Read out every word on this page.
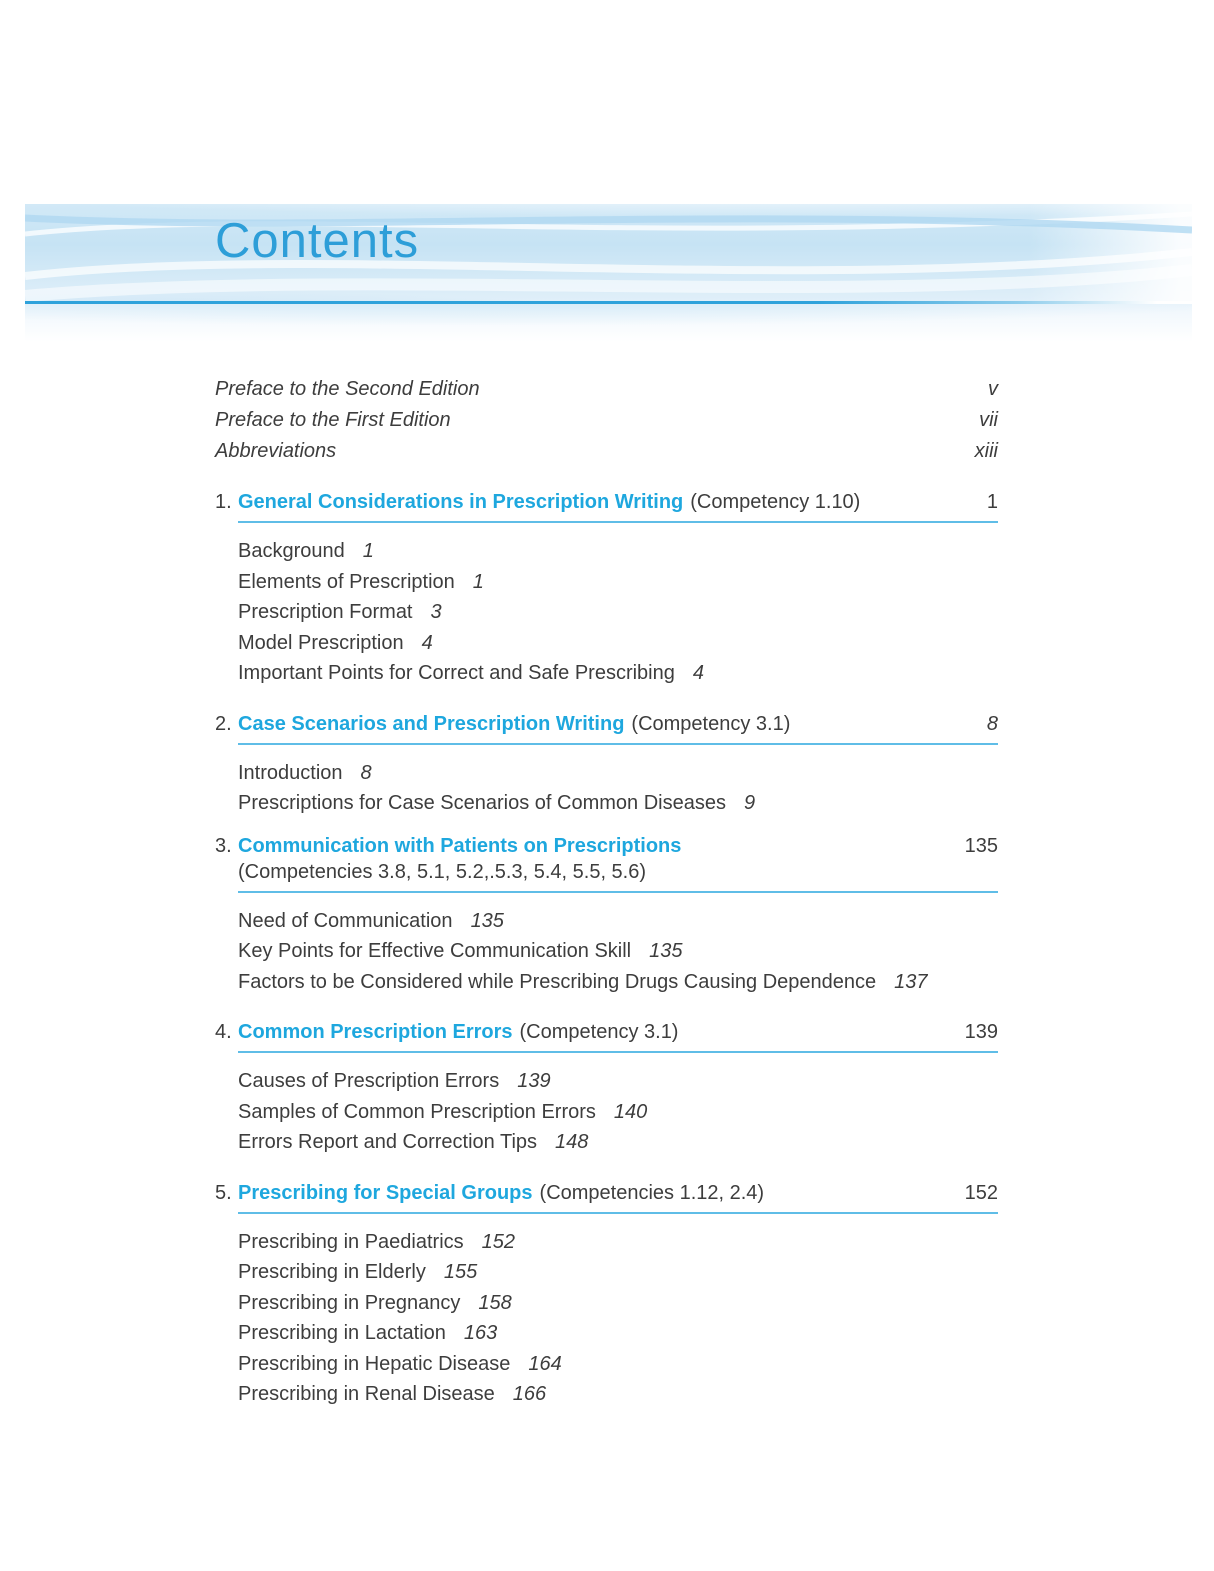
Contents
Preface to the Second Edition	v
Preface to the First Edition	vii
Abbreviations	xiii
1. General Considerations in Prescription Writing (Competency 1.10)	1
Background 1
Elements of Prescription 1
Prescription Format 3
Model Prescription 4
Important Points for Correct and Safe Prescribing 4
2. Case Scenarios and Prescription Writing (Competency 3.1)	8
Introduction 8
Prescriptions for Case Scenarios of Common Diseases 9
3. Communication with Patients on Prescriptions	135
(Competencies 3.8, 5.1, 5.2,.5.3, 5.4, 5.5, 5.6)
Need of Communication 135
Key Points for Effective Communication Skill 135
Factors to be Considered while Prescribing Drugs Causing Dependence 137
4. Common Prescription Errors (Competency 3.1)	139
Causes of Prescription Errors 139
Samples of Common Prescription Errors 140
Errors Report and Correction Tips 148
5. Prescribing for Special Groups (Competencies 1.12, 2.4)	152
Prescribing in Paediatrics 152
Prescribing in Elderly 155
Prescribing in Pregnancy 158
Prescribing in Lactation 163
Prescribing in Hepatic Disease 164
Prescribing in Renal Disease 166
